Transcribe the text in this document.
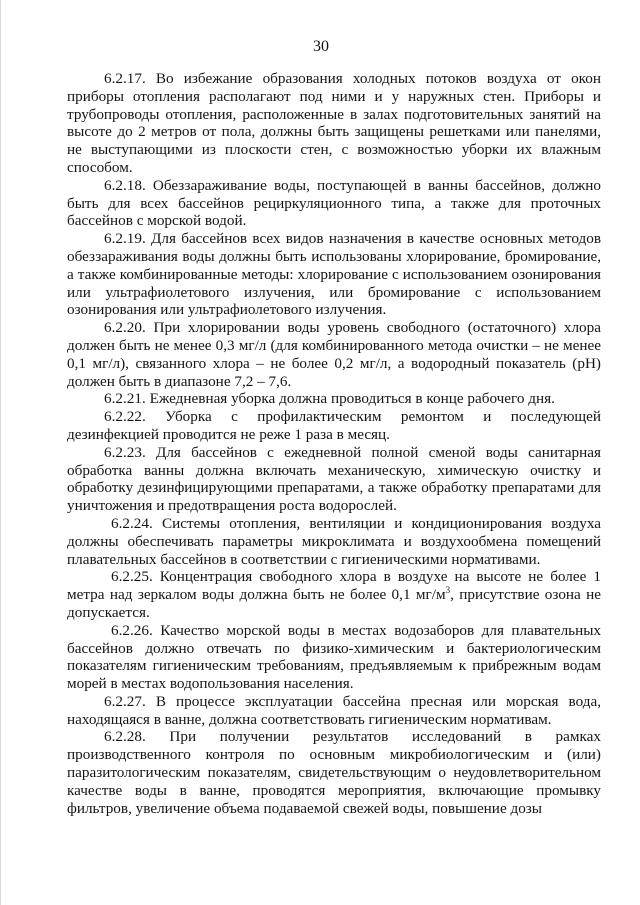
30

6.2.17. Во избежание образования холодных потоков воздуха от окон приборы отопления располагают под ними и у наружных стен. Приборы и трубопроводы отопления, расположенные в залах подготовительных занятий на высоте до 2 метров от пола, должны быть защищены решетками или панелями, не выступающими из плоскости стен, с возможностью уборки их влажным способом.

6.2.18. Обеззараживание воды, поступающей в ванны бассейнов, должно быть для всех бассейнов рециркуляционного типа, а также для проточных бассейнов с морской водой.

6.2.19. Для бассейнов всех видов назначения в качестве основных методов обеззараживания воды должны быть использованы хлорирование, бромирование, а также комбинированные методы: хлорирование с использованием озонирования или ультрафиолетового излучения, или бромирование с использованием озонирования или ультрафиолетового излучения.

6.2.20. При хлорировании воды уровень свободного (остаточного) хлора должен быть не менее 0,3 мг/л (для комбинированного метода очистки – не менее 0,1 мг/л), связанного хлора – не более 0,2 мг/л, а водородный показатель (рН) должен быть в диапазоне 7,2 – 7,6.

6.2.21. Ежедневная уборка должна проводиться в конце рабочего дня.

6.2.22. Уборка с профилактическим ремонтом и последующей дезинфекцией проводится не реже 1 раза в месяц.

6.2.23. Для бассейнов с ежедневной полной сменой воды санитарная обработка ванны должна включать механическую, химическую очистку и обработку дезинфицирующими препаратами, а также обработку препаратами для уничтожения и предотвращения роста водорослей.

6.2.24. Системы отопления, вентиляции и кондиционирования воздуха должны обеспечивать параметры микроклимата и воздухообмена помещений плавательных бассейнов в соответствии с гигиеническими нормативами.

6.2.25. Концентрация свободного хлора в воздухе на высоте не более 1 метра над зеркалом воды должна быть не более 0,1 $мг/м^3$, присутствие озона не допускается.

6.2.26. Качество морской воды в местах водозаборов для плавательных бассейнов должно отвечать по физико-химическим и бактериологическим показателям гигиеническим требованиям, предъявляемым к прибрежным водам морей в местах водопользования населения.

6.2.27. В процессе эксплуатации бассейна пресная или морская вода, находящаяся в ванне, должна соответствовать гигиеническим нормативам.

6.2.28. При получении результатов исследований в рамках производственного контроля по основным микробиологическим и (или) паразитологическим показателям, свидетельствующим о неудовлетворительном качестве воды в ванне, проводятся мероприятия, включающие промывку фильтров, увеличение объема подаваемой свежей воды, повышение дозы
